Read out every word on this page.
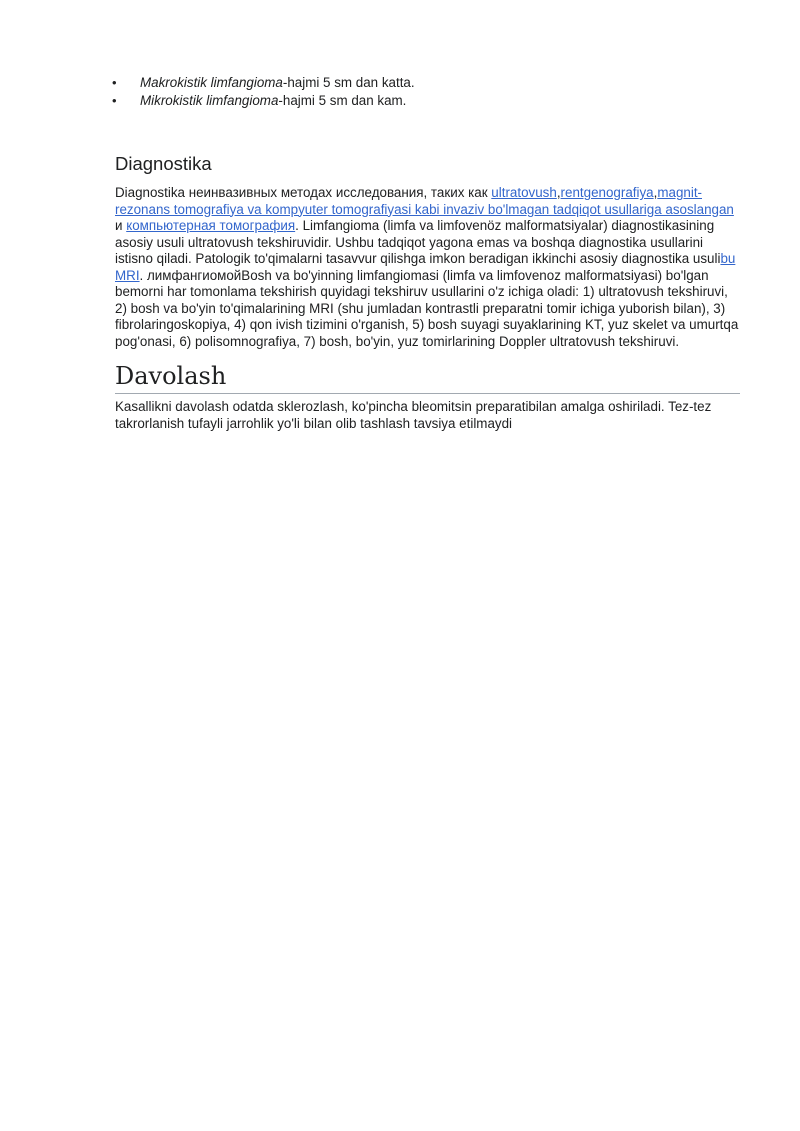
• Makrokistik limfangioma-hajmi 5 sm dan katta.
• Mikrokistik limfangioma-hajmi 5 sm dan kam.
Diagnostika

Diagnostika неинвазивных методах исследования, таких как ultratovush,rentgenografiya,magnit-rezonans tomografiya va kompyuter tomografiyasi kabi invaziv bo'lmagan tadqiqot usullariga asoslangan и компьютерная томография. Limfangioma (limfa va limfovenöz malformatsiyalar) diagnostikasining asosiy usuli ultratovush tekshiruvidir. Ushbu tadqiqot yagona emas va boshqa diagnostika usullarini istisno qiladi. Patologik to'qimalarni tasavvur qilishga imkon beradigan ikkinchi asosiy diagnostika usulibu MRI. лимфангиомойBosh va bo'yinning limfangiomasi (limfa va limfovenoz malformatsiyasi) bo'lgan bemorni har tomonlama tekshirish quyidagi tekshiruv usullarini o'z ichiga oladi: 1) ultratovush tekshiruvi, 2) bosh va bo'yin to'qimalarining MRI (shu jumladan kontrastli preparatni tomir ichiga yuborish bilan), 3) fibrolaringoskopiya, 4) qon ivish tizimini o'rganish, 5) bosh suyagi suyaklarining KT, yuz skelet va umurtqa pog'onasi, 6) polisomnografiya, 7) bosh, bo'yin, yuz tomirlarining Doppler ultratovush tekshiruvi.

Davolash

Kasallikni davolash odatda sklerozlash, ko'pincha bleomitsin preparatibilan amalga oshiriladi. Tez-tez takrorlanish tufayli jarrohlik yo'li bilan olib tashlash tavsiya etilmaydi
